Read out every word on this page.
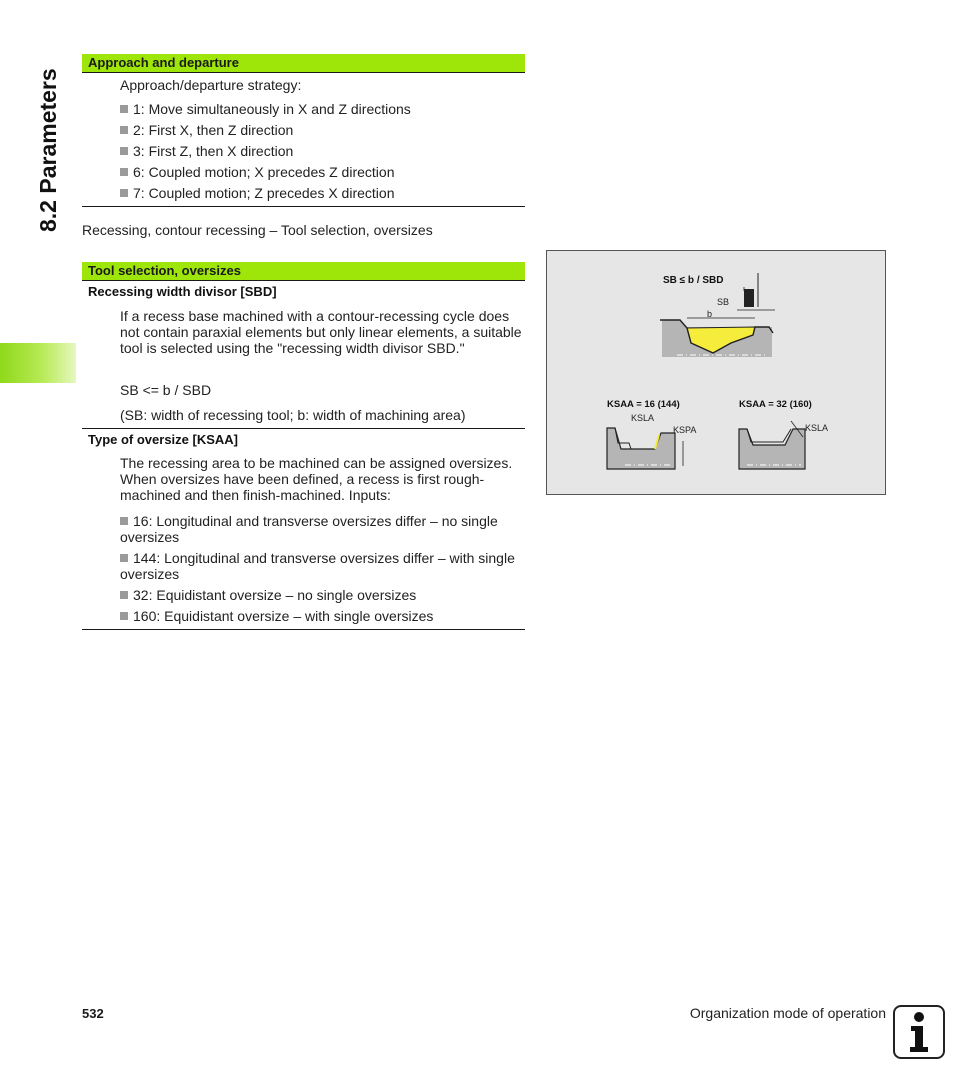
8.2 Parameters
Approach and departure
Approach/departure strategy:
1: Move simultaneously in X and Z directions
2: First X, then Z direction
3: First Z, then X direction
6: Coupled motion; X precedes Z direction
7: Coupled motion; Z precedes X direction
Recessing, contour recessing – Tool selection, oversizes
Tool selection, oversizes
Recessing width divisor [SBD]
If a recess base machined with a contour-recessing cycle does not contain paraxial elements but only linear elements, a suitable tool is selected using the "recessing width divisor SBD."
SB <= b / SBD
(SB: width of recessing tool; b: width of machining area)
Type of oversize [KSAA]
The recessing area to be machined can be assigned oversizes. When oversizes have been defined, a recess is first rough-machined and then finish-machined. Inputs:
16: Longitudinal and transverse oversizes differ – no single oversizes
144: Longitudinal and transverse oversizes differ – with single oversizes
32: Equidistant oversize – no single oversizes
160: Equidistant oversize – with single oversizes
SB ≤ b / SBD
SB
b
KSAA = 16 (144)
KSLA
KSPA
KSAA = 32 (160)
KSLA
532	Organization mode of operation
